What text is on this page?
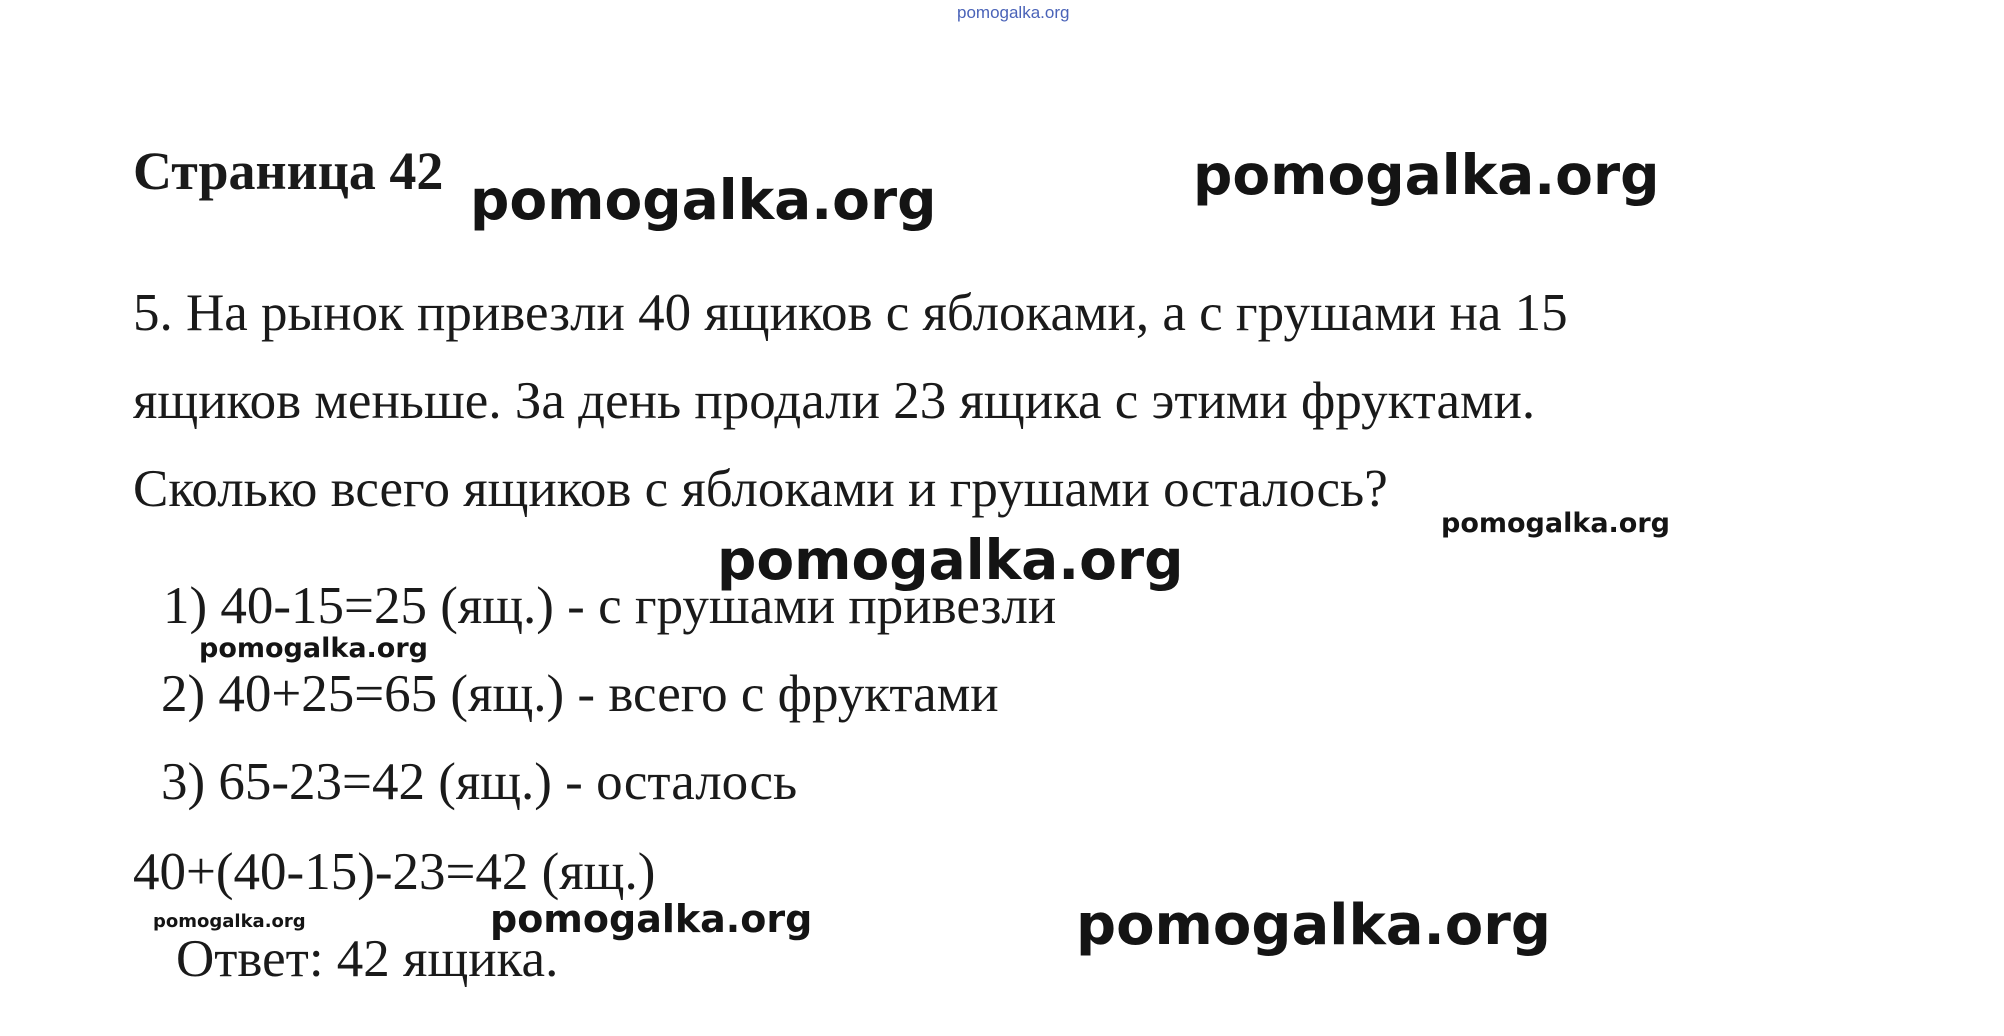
pomogalka.org
Страница 42
5. На рынок привезли 40 ящиков с яблоками, а с грушами на 15
ящиков меньше. За день продали 23 ящика с этими фруктами.
Сколько всего ящиков с яблоками и грушами осталось?
1) 40-15=25 (ящ.) - с грушами привезли
2) 40+25=65 (ящ.) - всего с фруктами
3) 65-23=42 (ящ.) - осталось
40+(40-15)-23=42 (ящ.)
Ответ: 42 ящика.
pomogalka.org	pomogalka.org
pomogalka.org
pomogalka.org
pomogalka.org
pomogalka.org	pomogalka.org	pomogalka.org
